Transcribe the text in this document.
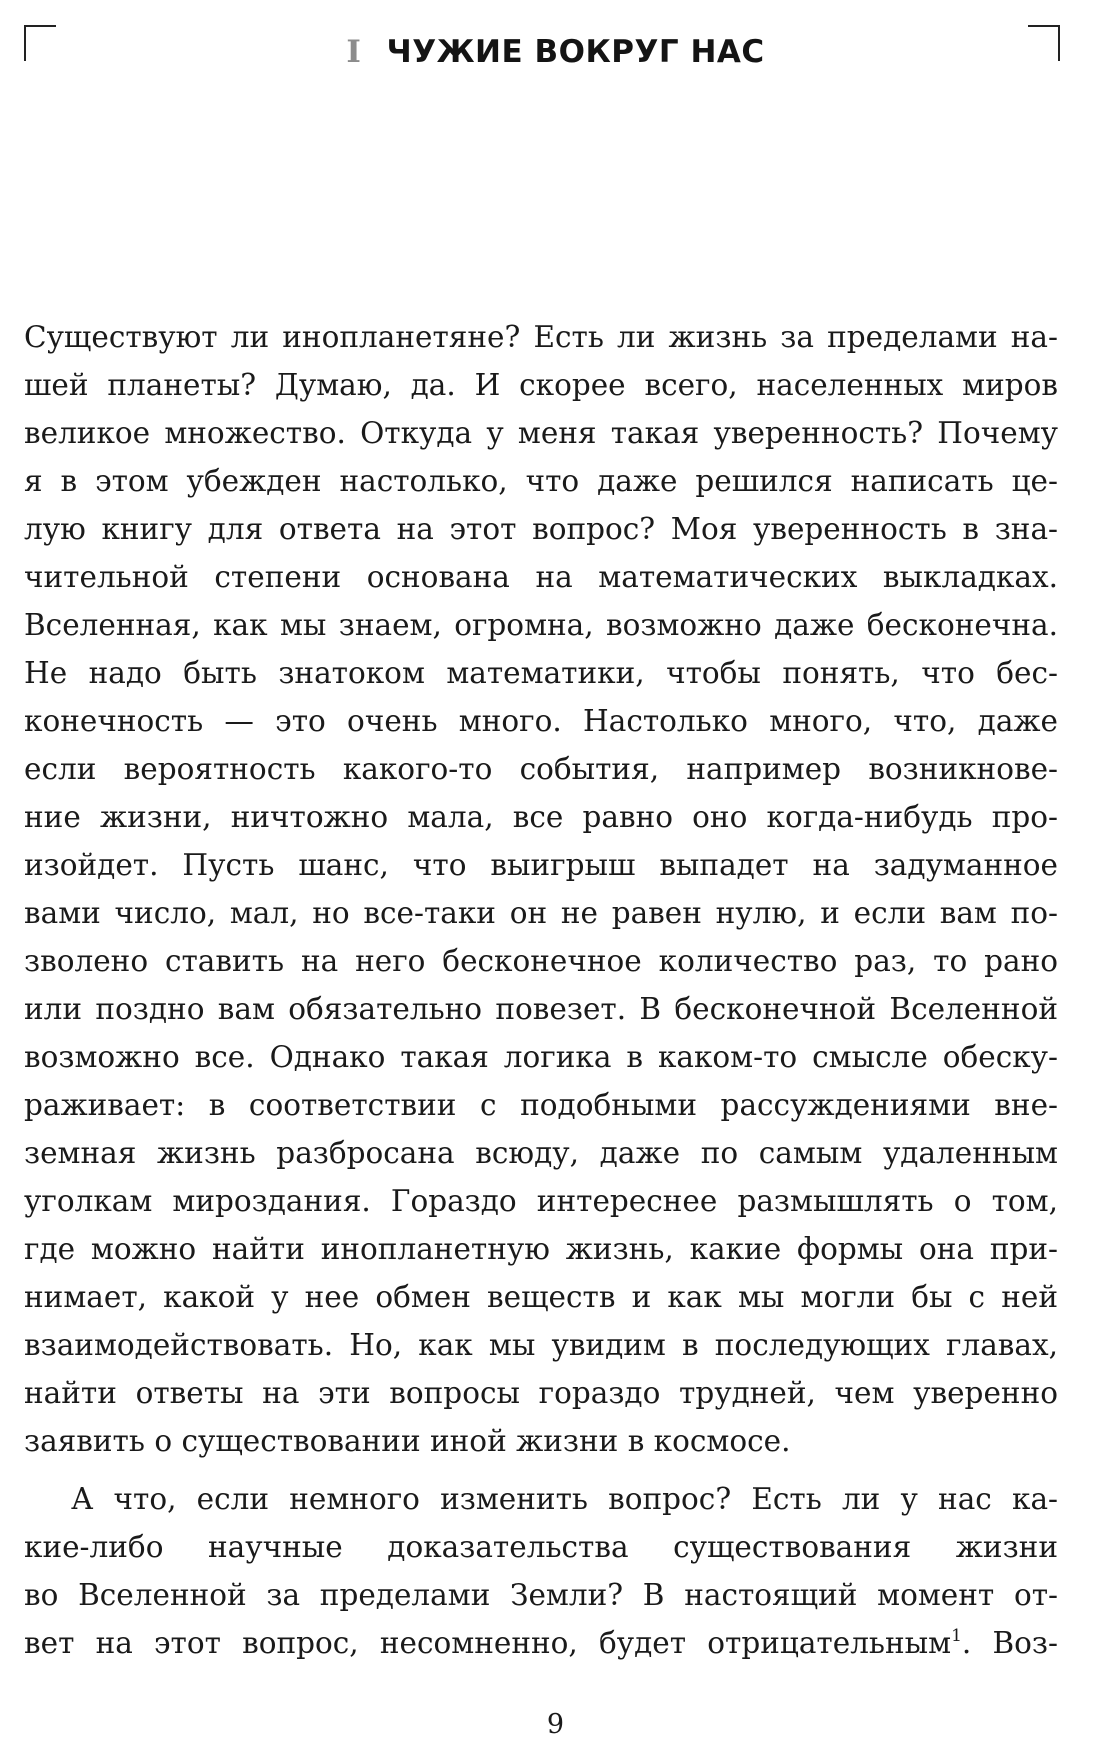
I ЧУЖИЕ ВОКРУГ НАС
Существуют ли инопланетяне? Есть ли жизнь за пределами на-
шей планеты? Думаю, да. И скорее всего, населенных миров
великое множество. Откуда у меня такая уверенность? Почему
я в этом убежден настолько, что даже решился написать це-
лую книгу для ответа на этот вопрос? Моя уверенность в зна-
чительной степени основана на математических выкладках.
Вселенная, как мы знаем, огромна, возможно даже бесконечна.
Не надо быть знатоком математики, чтобы понять, что бес-
конечность — это очень много. Настолько много, что, даже
если вероятность какого-то события, например возникнове-
ние жизни, ничтожно мала, все равно оно когда-нибудь про-
изойдет. Пусть шанс, что выигрыш выпадет на задуманное
вами число, мал, но все-таки он не равен нулю, и если вам по-
зволено ставить на него бесконечное количество раз, то рано
или поздно вам обязательно повезет. В бесконечной Вселенной
возможно все. Однако такая логика в каком-то смысле обеску-
раживает: в соответствии с подобными рассуждениями вне-
земная жизнь разбросана всюду, даже по самым удаленным
уголкам мироздания. Гораздо интереснее размышлять о том,
где можно найти инопланетную жизнь, какие формы она при-
нимает, какой у нее обмен веществ и как мы могли бы с ней
взаимодействовать. Но, как мы увидим в последующих главах,
найти ответы на эти вопросы гораздо трудней, чем уверенно
заявить о существовании иной жизни в космосе.
А что, если немного изменить вопрос? Есть ли у нас ка-
кие-либо научные доказательства существования жизни
во Вселенной за пределами Земли? В настоящий момент от-
вет на этот вопрос, несомненно, будет отрицательным$^1$. Воз-
9
